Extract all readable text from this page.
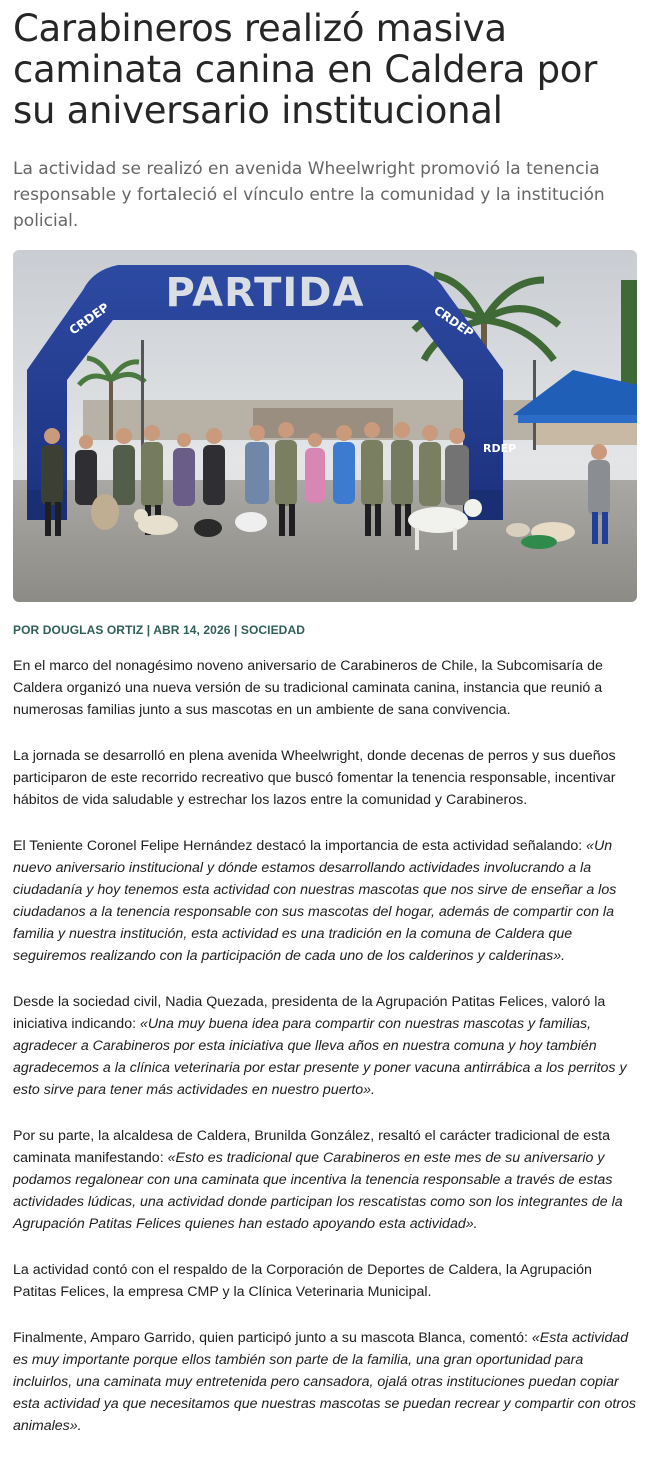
Carabineros realizó masiva caminata canina en Caldera por su aniversario institucional

La actividad se realizó en avenida Wheelwright promovió la tenencia responsable y fortaleció el vínculo entre la comunidad y la institución policial.

PARTIDA
CRDEP	CRDEP
RDEP
POR DOUGLAS ORTIZ | ABR 14, 2026 | SOCIEDAD

En el marco del nonagésimo noveno aniversario de Carabineros de Chile, la Subcomisaría de Caldera organizó una nueva versión de su tradicional caminata canina, instancia que reunió a numerosas familias junto a sus mascotas en un ambiente de sana convivencia.

La jornada se desarrolló en plena avenida Wheelwright, donde decenas de perros y sus dueños participaron de este recorrido recreativo que buscó fomentar la tenencia responsable, incentivar hábitos de vida saludable y estrechar los lazos entre la comunidad y Carabineros.

El Teniente Coronel Felipe Hernández destacó la importancia de esta actividad señalando: «Un nuevo aniversario institucional y dónde estamos desarrollando actividades involucrando a la ciudadanía y hoy tenemos esta actividad con nuestras mascotas que nos sirve de enseñar a los ciudadanos a la tenencia responsable con sus mascotas del hogar, además de compartir con la familia y nuestra institución, esta actividad es una tradición en la comuna de Caldera que seguiremos realizando con la participación de cada uno de los calderinos y calderinas».

Desde la sociedad civil, Nadia Quezada, presidenta de la Agrupación Patitas Felices, valoró la iniciativa indicando: «Una muy buena idea para compartir con nuestras mascotas y familias, agradecer a Carabineros por esta iniciativa que lleva años en nuestra comuna y hoy también agradecemos a la clínica veterinaria por estar presente y poner vacuna antirrábica a los perritos y esto sirve para tener más actividades en nuestro puerto».

Por su parte, la alcaldesa de Caldera, Brunilda González, resaltó el carácter tradicional de esta caminata manifestando: «Esto es tradicional que Carabineros en este mes de su aniversario y podamos regalonear con una caminata que incentiva la tenencia responsable a través de estas actividades lúdicas, una actividad donde participan los rescatistas como son los integrantes de la Agrupación Patitas Felices quienes han estado apoyando esta actividad».

La actividad contó con el respaldo de la Corporación de Deportes de Caldera, la Agrupación Patitas Felices, la empresa CMP y la Clínica Veterinaria Municipal.

Finalmente, Amparo Garrido, quien participó junto a su mascota Blanca, comentó: «Esta actividad es muy importante porque ellos también son parte de la familia, una gran oportunidad para incluirlos, una caminata muy entretenida pero cansadora, ojalá otras instituciones puedan copiar esta actividad ya que necesitamos que nuestras mascotas se puedan recrear y compartir con otros animales».
